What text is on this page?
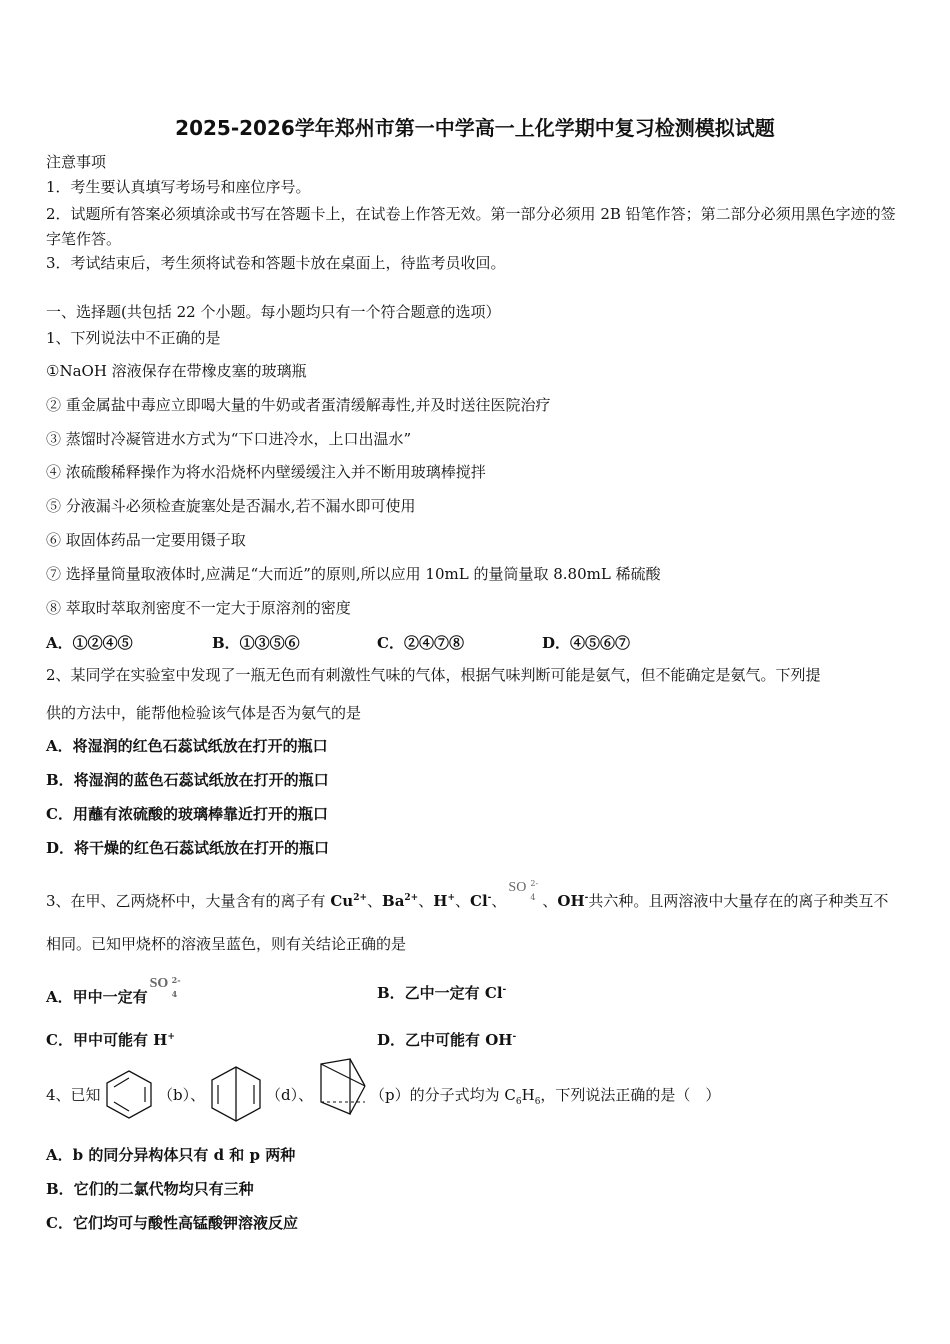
2025-2026学年郑州市第一中学高一上化学期中复习检测模拟试题
注意事项
1．考生要认真填写考场号和座位序号。
2．试题所有答案必须填涂或书写在答题卡上，在试卷上作答无效。第一部分必须用 2B 铅笔作答；第二部分必须用黑色字迹的签字笔作答。
3．考试结束后，考生须将试卷和答题卡放在桌面上，待监考员收回。
一、选择题(共包括 22 个小题。每小题均只有一个符合题意的选项）
1、下列说法中不正确的是
①NaOH 溶液保存在带橡皮塞的玻璃瓶
② 重金属盐中毒应立即喝大量的牛奶或者蛋清缓解毒性,并及时送往医院治疗
③ 蒸馏时冷凝管进水方式为“下口进冷水，上口出温水”
④ 浓硫酸稀释操作为将水沿烧杯内壁缓缓注入并不断用玻璃棒搅拌
⑤ 分液漏斗必须检查旋塞处是否漏水,若不漏水即可使用
⑥ 取固体药品一定要用镊子取
⑦ 选择量筒量取液体时,应满足“大而近”的原则,所以应用 10mL 的量筒量取 8.80mL 稀硫酸
⑧ 萃取时萃取剂密度不一定大于原溶剂的密度
A．①②④⑤	B．①③⑤⑥	C．②④⑦⑧	D．④⑤⑥⑦
2、某同学在实验室中发现了一瓶无色而有刺激性气味的气体，根据气味判断可能是氨气，但不能确定是氨气。下列提
供的方法中，能帮他检验该气体是否为氨气的是
A．将湿润的红色石蕊试纸放在打开的瓶口
B．将湿润的蓝色石蕊试纸放在打开的瓶口
C．用蘸有浓硫酸的玻璃棒靠近打开的瓶口
D．将干燥的红色石蕊试纸放在打开的瓶口
3、在甲、乙两烧杯中，大量含有的离子有 $Cu^{2+}$、$Ba^{2+}$、H+、Cl-、
SO 2-
4 、OH-共六种。且两溶液中大量存在的离子种类互不
相同。已知甲烧杯的溶液呈蓝色，则有关结论正确的是
A．甲中一定有
SO 2-
4	B．乙中一定有 Cl-
C．甲中可能有 H+	D．乙中可能有 OH-
4、已知	（b）、	（d）、	（p）的分子式均为 $C_6H_6$，下列说法正确的是（　）
A．b 的同分异构体只有 d 和 p 两种
B．它们的二氯代物均只有三种
C．它们均可与酸性高锰酸钾溶液反应
